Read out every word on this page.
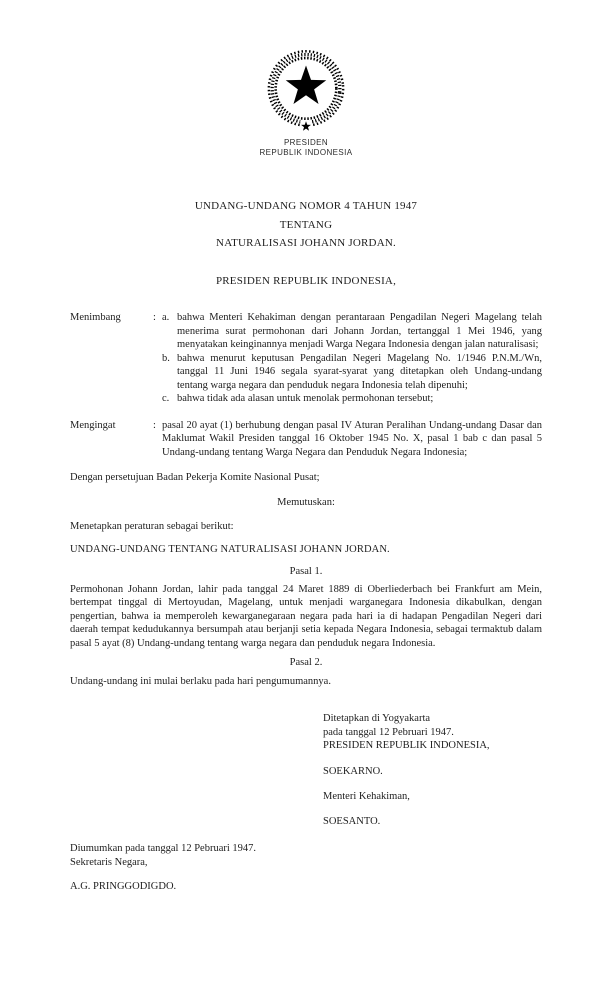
PRESIDEN
REPUBLIK INDONESIA
UNDANG-UNDANG NOMOR 4 TAHUN 1947
TENTANG
NATURALISASI JOHANN JORDAN.
PRESIDEN REPUBLIK INDONESIA,
Menimbang	: a. bahwa Menteri Kehakiman dengan perantaraan Pengadilan Negeri Magelang telah menerima surat permohonan dari Johann Jordan, tertanggal 1 Mei 1946, yang menyatakan keinginannya menjadi Warga Negara Indonesia dengan jalan naturalisasi;
b. bahwa menurut keputusan Pengadilan Negeri Magelang No. 1/1946 P.N.M./Wn, tanggal 11 Juni 1946 segala syarat-syarat yang ditetapkan oleh Undang-undang tentang warga negara dan penduduk negara Indonesia telah dipenuhi;
c. bahwa tidak ada alasan untuk menolak permohonan tersebut;
Mengingat	: pasal 20 ayat (1) berhubung dengan pasal IV Aturan Peralihan Undang-undang Dasar dan Maklumat Wakil Presiden tanggal 16 Oktober 1945 No. X, pasal 1 bab c dan pasal 5 Undang-undang tentang Warga Negara dan Penduduk Negara Indonesia;
Dengan persetujuan Badan Pekerja Komite Nasional Pusat;
Memutuskan:
Menetapkan peraturan sebagai berikut:
UNDANG-UNDANG TENTANG NATURALISASI JOHANN JORDAN.
Pasal 1.
Permohonan Johann Jordan, lahir pada tanggal 24 Maret 1889 di Oberliederbach bei Frankfurt am Mein, bertempat tinggal di Mertoyudan, Magelang, untuk menjadi warganegara Indonesia dikabulkan, dengan pengertian, bahwa ia memperoleh kewarganegaraan negara pada hari ia di hadapan Pengadilan Negeri dari daerah tempat kedudukannya bersumpah atau berjanji setia kepada Negara Indonesia, sebagai termaktub dalam pasal 5 ayat (8) Undang-undang tentang warga negara dan penduduk negara Indonesia.
Pasal 2.
Undang-undang ini mulai berlaku pada hari pengumumannya.
Ditetapkan di Yogyakarta
pada tanggal 12 Pebruari 1947.
PRESIDEN REPUBLIK INDONESIA,
SOEKARNO.
Menteri Kehakiman,
SOESANTO.
Diumumkan pada tanggal 12 Pebruari 1947.
Sekretaris Negara,
A.G. PRINGGODIGDO.
